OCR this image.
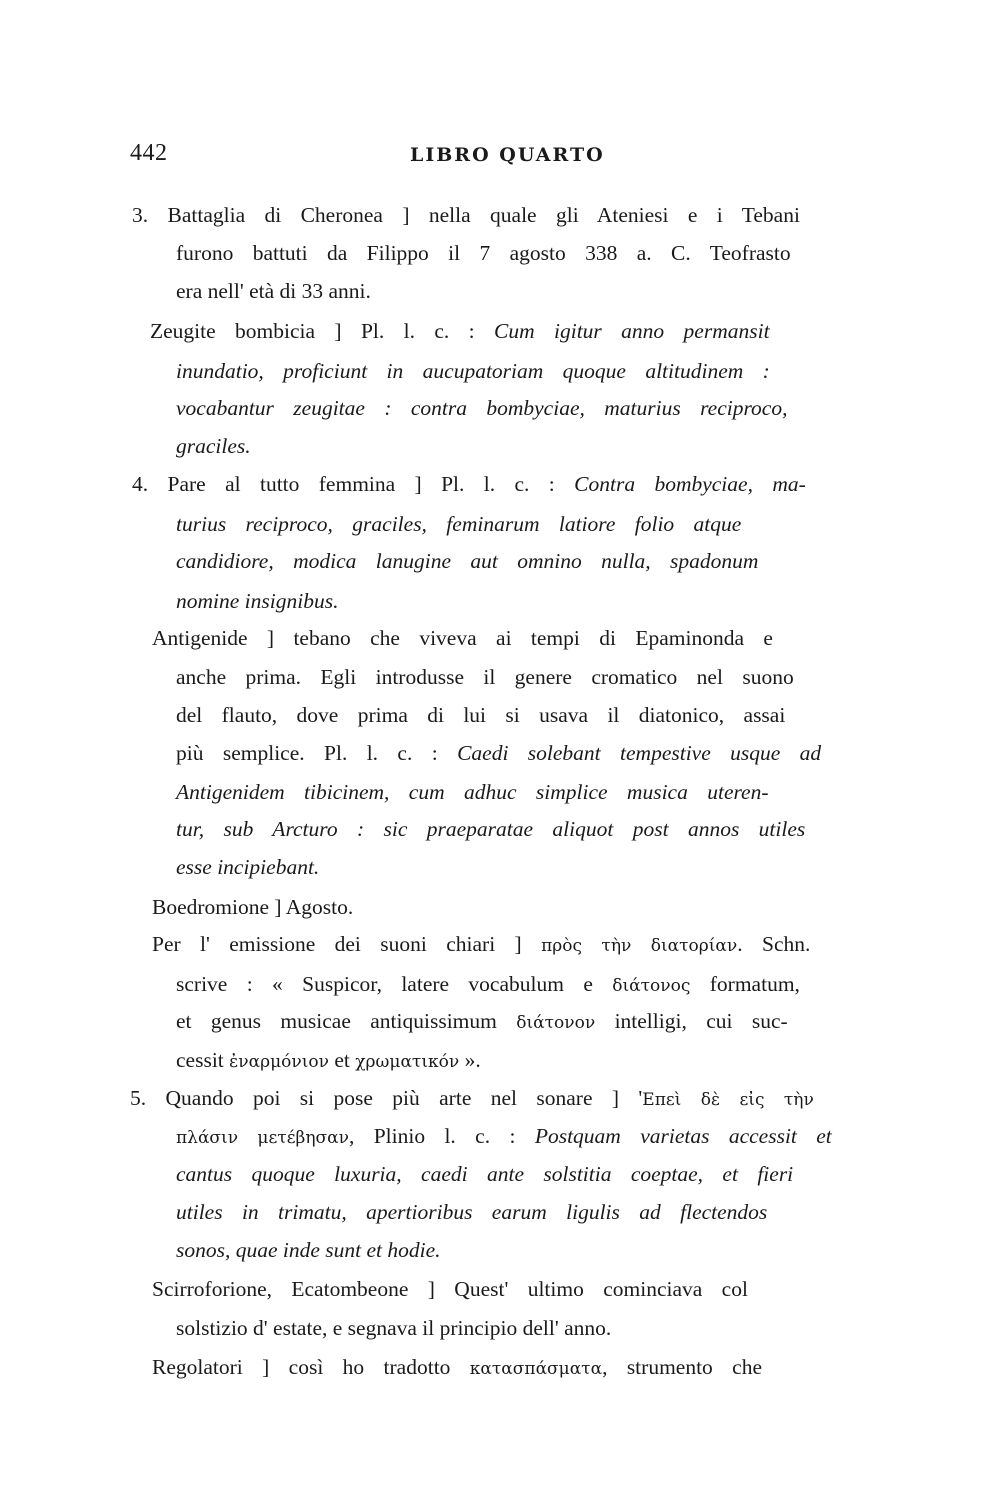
442	LIBRO QUARTO
3. Battaglia di Cheronea ] nella quale gli Ateniesi e i Tebani
furono battuti da Filippo il 7 agosto 338 a. C. Teofrasto
era nell' età di 33 anni.
Zeugite bombicia ] Pl. l. c. : Cum igitur anno permansit
inundatio, proficiunt in aucupatoriam quoque altitudinem :
vocabantur zeugitae : contra bombyciae, maturius reciproco,
graciles.
4. Pare al tutto femmina ] Pl. l. c. : Contra bombyciae, ma-
turius reciproco, graciles, feminarum latiore folio atque
candidiore, modica lanugine aut omnino nulla, spadonum
nomine insignibus.
Antigenide ] tebano che viveva ai tempi di Epaminonda e
anche prima. Egli introdusse il genere cromatico nel suono
del flauto, dove prima di lui si usava il diatonico, assai
più semplice. Pl. l. c. : Caedi solebant tempestive usque ad
Antigenidem tibicinem, cum adhuc simplice musica uteren-
tur, sub Arcturo : sic praeparatae aliquot post annos utiles
esse incipiebant.
Boedromione ] Agosto.
Per l' emissione dei suoni chiari ] πρὸς τὴν διατορίαν. Schn.
scrive : « Suspicor, latere vocabulum e διάτονος formatum,
et genus musicae antiquissimum διάτονον intelligi, cui suc-
cessit ἐναρμόνιον et χρωματικόν ».
5. Quando poi si pose più arte nel sonare ] 'Επεὶ δὲ εἰς τὴν
πλάσιν μετέβησαν, Plinio l. c. : Postquam varietas accessit et
cantus quoque luxuria, caedi ante solstitia coeptae, et fieri
utiles in trimatu, apertioribus earum ligulis ad flectendos
sonos, quae inde sunt et hodie.
Scirroforione, Ecatombeone ] Quest' ultimo cominciava col
solstizio d' estate, e segnava il principio dell' anno.
Regolatori ] così ho tradotto κατασπάσματα, strumento che
